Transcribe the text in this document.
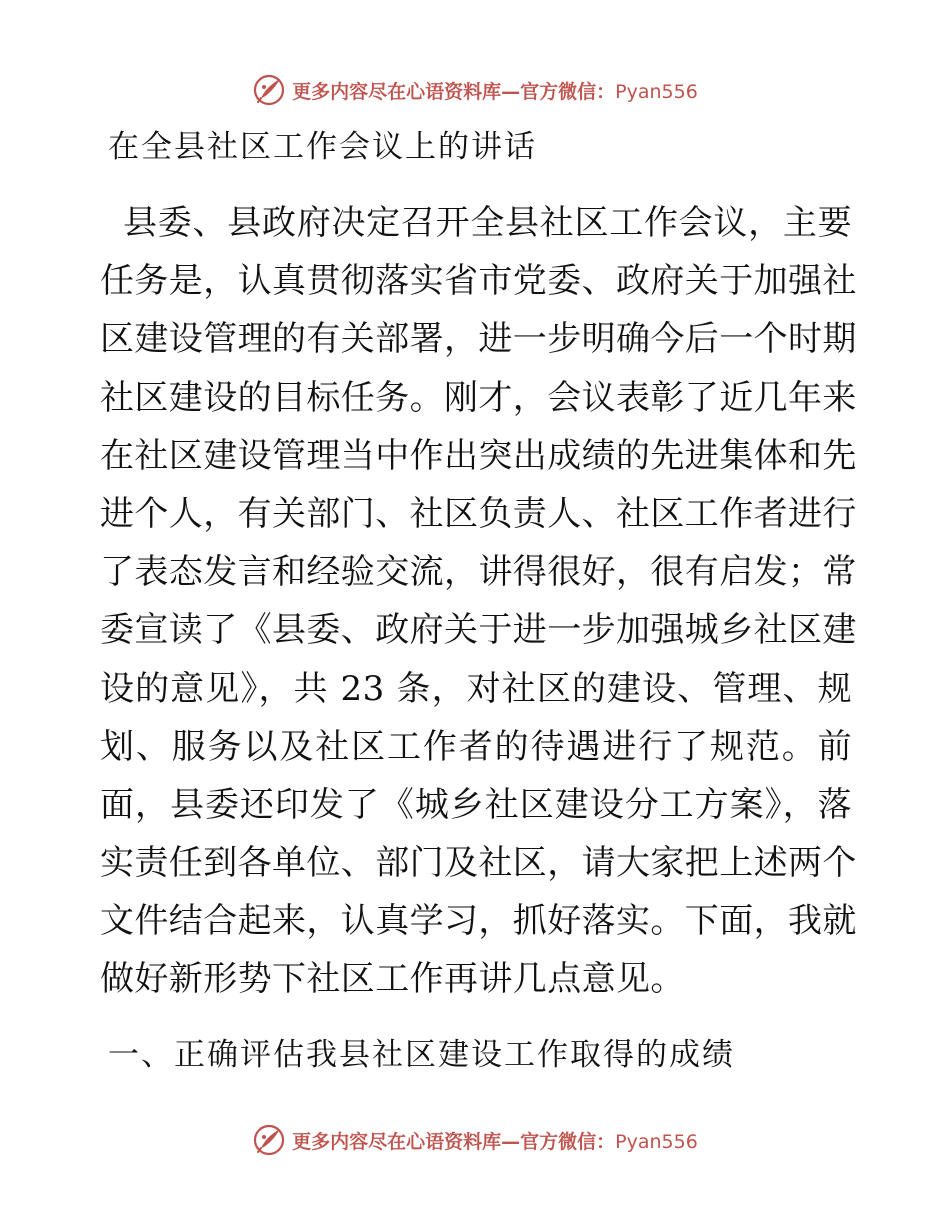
更多内容尽在心语资料库—官方微信：Pyan556
在全县社区工作会议上的讲话
县委、县政府决定召开全县社区工作会议，主要
任务是，认真贯彻落实省市党委、政府关于加强社
区建设管理的有关部署，进一步明确今后一个时期
社区建设的目标任务。刚才，会议表彰了近几年来
在社区建设管理当中作出突出成绩的先进集体和先
进个人，有关部门、社区负责人、社区工作者进行
了表态发言和经验交流，讲得很好，很有启发；常
委宣读了《县委、政府关于进一步加强城乡社区建
设的意见》，共 23 条，对社区的建设、管理、规
划、服务以及社区工作者的待遇进行了规范。前
面，县委还印发了《城乡社区建设分工方案》，落
实责任到各单位、部门及社区，请大家把上述两个
文件结合起来，认真学习，抓好落实。下面，我就
做好新形势下社区工作再讲几点意见。
一、正确评估我县社区建设工作取得的成绩
更多内容尽在心语资料库—官方微信：Pyan556
